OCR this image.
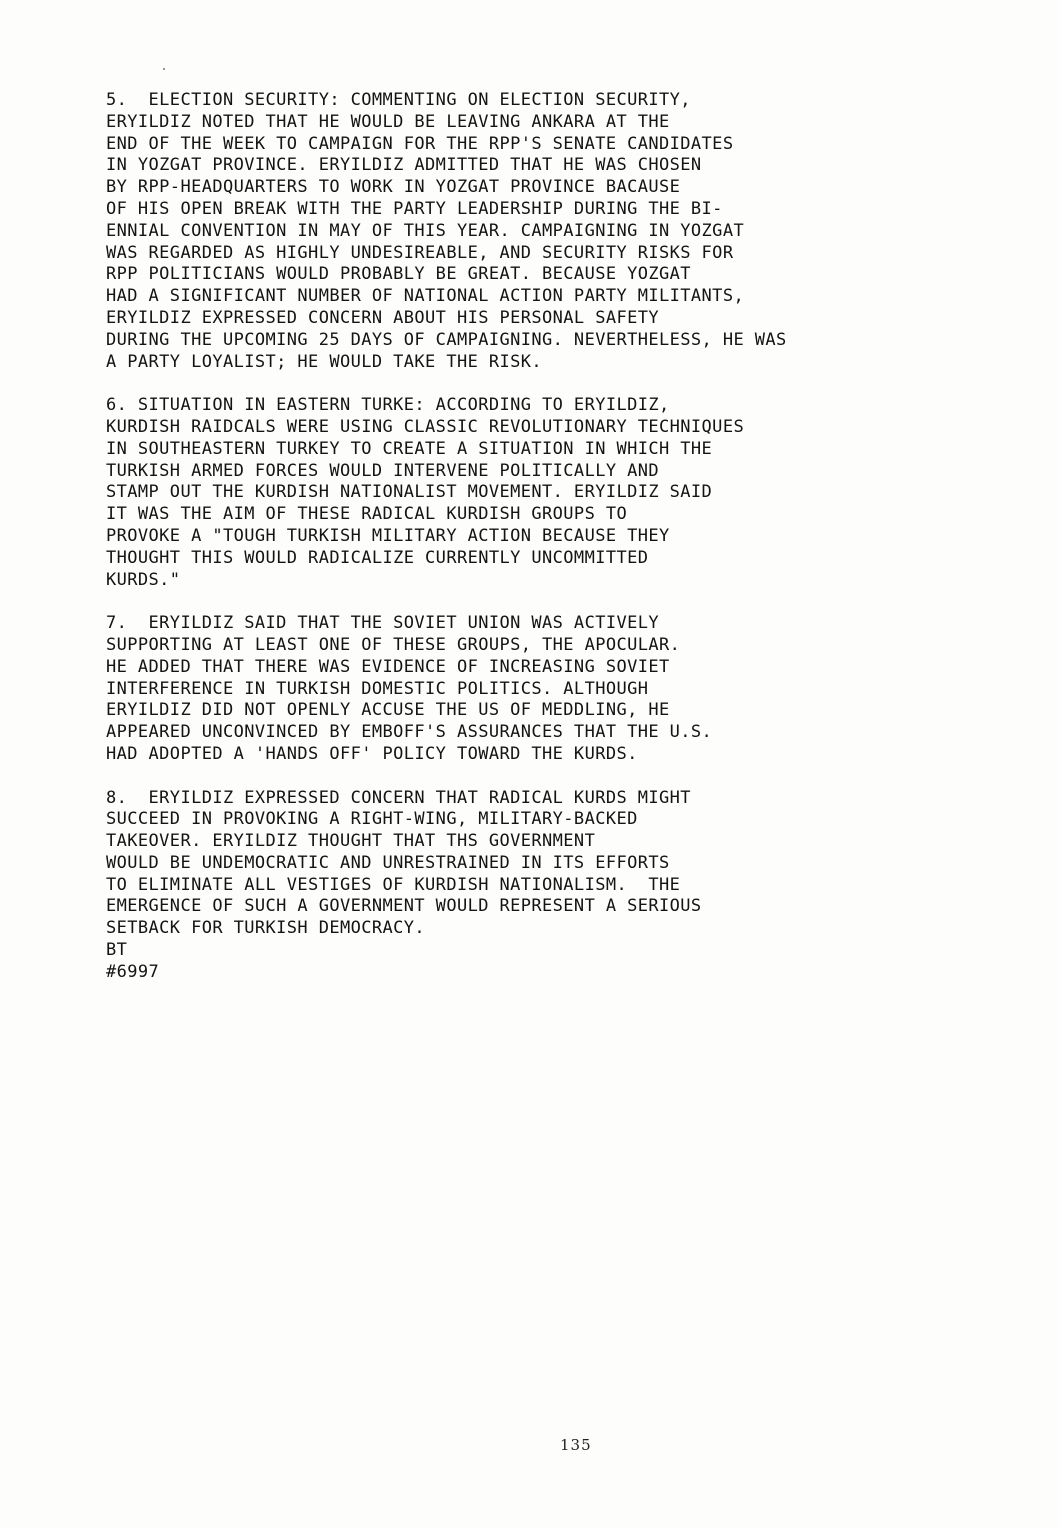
5.  ELECTION SECURITY: COMMENTING ON ELECTION SECURITY,
ERYILDIZ NOTED THAT HE WOULD BE LEAVING ANKARA AT THE
END OF THE WEEK TO CAMPAIGN FOR THE RPP'S SENATE CANDIDATES
IN YOZGAT PROVINCE. ERYILDIZ ADMITTED THAT HE WAS CHOSEN
BY RPP-HEADQUARTERS TO WORK IN YOZGAT PROVINCE BACAUSE
OF HIS OPEN BREAK WITH THE PARTY LEADERSHIP DURING THE BI-
ENNIAL CONVENTION IN MAY OF THIS YEAR. CAMPAIGNING IN YOZGAT
WAS REGARDED AS HIGHLY UNDESIREABLE, AND SECURITY RISKS FOR
RPP POLITICIANS WOULD PROBABLY BE GREAT. BECAUSE YOZGAT
HAD A SIGNIFICANT NUMBER OF NATIONAL ACTION PARTY MILITANTS,
ERYILDIZ EXPRESSED CONCERN ABOUT HIS PERSONAL SAFETY
DURING THE UPCOMING 25 DAYS OF CAMPAIGNING. NEVERTHELESS, HE WAS
A PARTY LOYALIST; HE WOULD TAKE THE RISK.
6. SITUATION IN EASTERN TURKE: ACCORDING TO ERYILDIZ,
KURDISH RAIDCALS WERE USING CLASSIC REVOLUTIONARY TECHNIQUES
IN SOUTHEASTERN TURKEY TO CREATE A SITUATION IN WHICH THE
TURKISH ARMED FORCES WOULD INTERVENE POLITICALLY AND
STAMP OUT THE KURDISH NATIONALIST MOVEMENT. ERYILDIZ SAID
IT WAS THE AIM OF THESE RADICAL KURDISH GROUPS TO
PROVOKE A "TOUGH TURKISH MILITARY ACTION BECAUSE THEY
THOUGHT THIS WOULD RADICALIZE CURRENTLY UNCOMMITTED
KURDS."
7.  ERYILDIZ SAID THAT THE SOVIET UNION WAS ACTIVELY
SUPPORTING AT LEAST ONE OF THESE GROUPS, THE APOCULAR.
HE ADDED THAT THERE WAS EVIDENCE OF INCREASING SOVIET
INTERFERENCE IN TURKISH DOMESTIC POLITICS. ALTHOUGH
ERYILDIZ DID NOT OPENLY ACCUSE THE US OF MEDDLING, HE
APPEARED UNCONVINCED BY EMBOFF'S ASSURANCES THAT THE U.S.
HAD ADOPTED A 'HANDS OFF' POLICY TOWARD THE KURDS.
8.  ERYILDIZ EXPRESSED CONCERN THAT RADICAL KURDS MIGHT
SUCCEED IN PROVOKING A RIGHT-WING, MILITARY-BACKED
TAKEOVER. ERYILDIZ THOUGHT THAT THS GOVERNMENT
WOULD BE UNDEMOCRATIC AND UNRESTRAINED IN ITS EFFORTS
TO ELIMINATE ALL VESTIGES OF KURDISH NATIONALISM.  THE
EMERGENCE OF SUCH A GOVERNMENT WOULD REPRESENT A SERIOUS
SETBACK FOR TURKISH DEMOCRACY.
BT
#6997
135
